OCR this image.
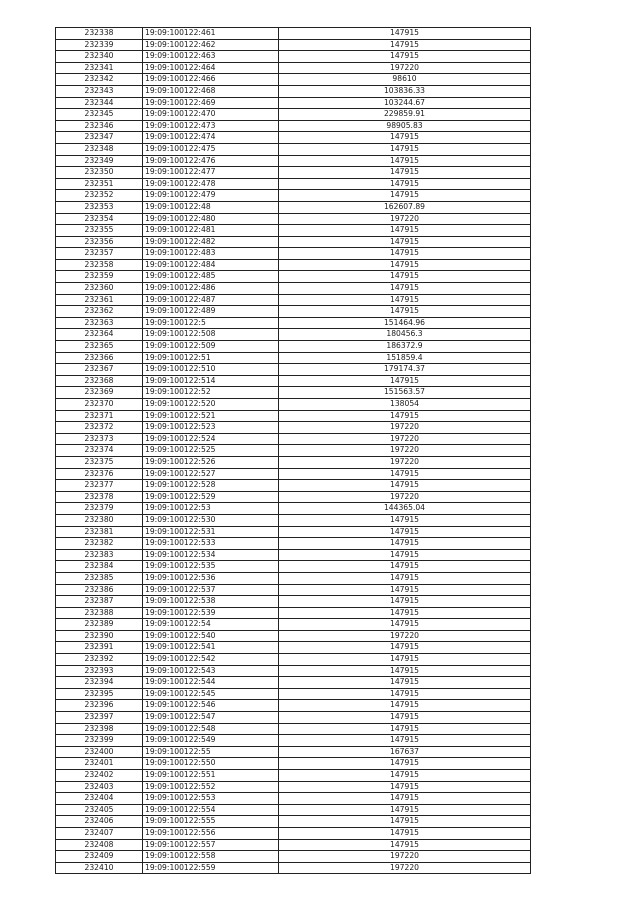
232338	19:09:100122:461	147915
232339	19:09:100122:462	147915
232340	19:09:100122:463	147915
232341	19:09:100122:464	197220
232342	19:09:100122:466	98610
232343	19:09:100122:468	103836.33
232344	19:09:100122:469	103244.67
232345	19:09:100122:470	229859.91
232346	19:09:100122:473	98905.83
232347	19:09:100122:474	147915
232348	19:09:100122:475	147915
232349	19:09:100122:476	147915
232350	19:09:100122:477	147915
232351	19:09:100122:478	147915
232352	19:09:100122:479	147915
232353	19:09:100122:48	162607.89
232354	19:09:100122:480	197220
232355	19:09:100122:481	147915
232356	19:09:100122:482	147915
232357	19:09:100122:483	147915
232358	19:09:100122:484	147915
232359	19:09:100122:485	147915
232360	19:09:100122:486	147915
232361	19:09:100122:487	147915
232362	19:09:100122:489	147915
232363	19:09:100122:5	151464.96
232364	19:09:100122:508	180456.3
232365	19:09:100122:509	186372.9
232366	19:09:100122:51	151859.4
232367	19:09:100122:510	179174.37
232368	19:09:100122:514	147915
232369	19:09:100122:52	151563.57
232370	19:09:100122:520	138054
232371	19:09:100122:521	147915
232372	19:09:100122:523	197220
232373	19:09:100122:524	197220
232374	19:09:100122:525	197220
232375	19:09:100122:526	197220
232376	19:09:100122:527	147915
232377	19:09:100122:528	147915
232378	19:09:100122:529	197220
232379	19:09:100122:53	144365.04
232380	19:09:100122:530	147915
232381	19:09:100122:531	147915
232382	19:09:100122:533	147915
232383	19:09:100122:534	147915
232384	19:09:100122:535	147915
232385	19:09:100122:536	147915
232386	19:09:100122:537	147915
232387	19:09:100122:538	147915
232388	19:09:100122:539	147915
232389	19:09:100122:54	147915
232390	19:09:100122:540	197220
232391	19:09:100122:541	147915
232392	19:09:100122:542	147915
232393	19:09:100122:543	147915
232394	19:09:100122:544	147915
232395	19:09:100122:545	147915
232396	19:09:100122:546	147915
232397	19:09:100122:547	147915
232398	19:09:100122:548	147915
232399	19:09:100122:549	147915
232400	19:09:100122:55	167637
232401	19:09:100122:550	147915
232402	19:09:100122:551	147915
232403	19:09:100122:552	147915
232404	19:09:100122:553	147915
232405	19:09:100122:554	147915
232406	19:09:100122:555	147915
232407	19:09:100122:556	147915
232408	19:09:100122:557	147915
232409	19:09:100122:558	197220
232410	19:09:100122:559	197220
